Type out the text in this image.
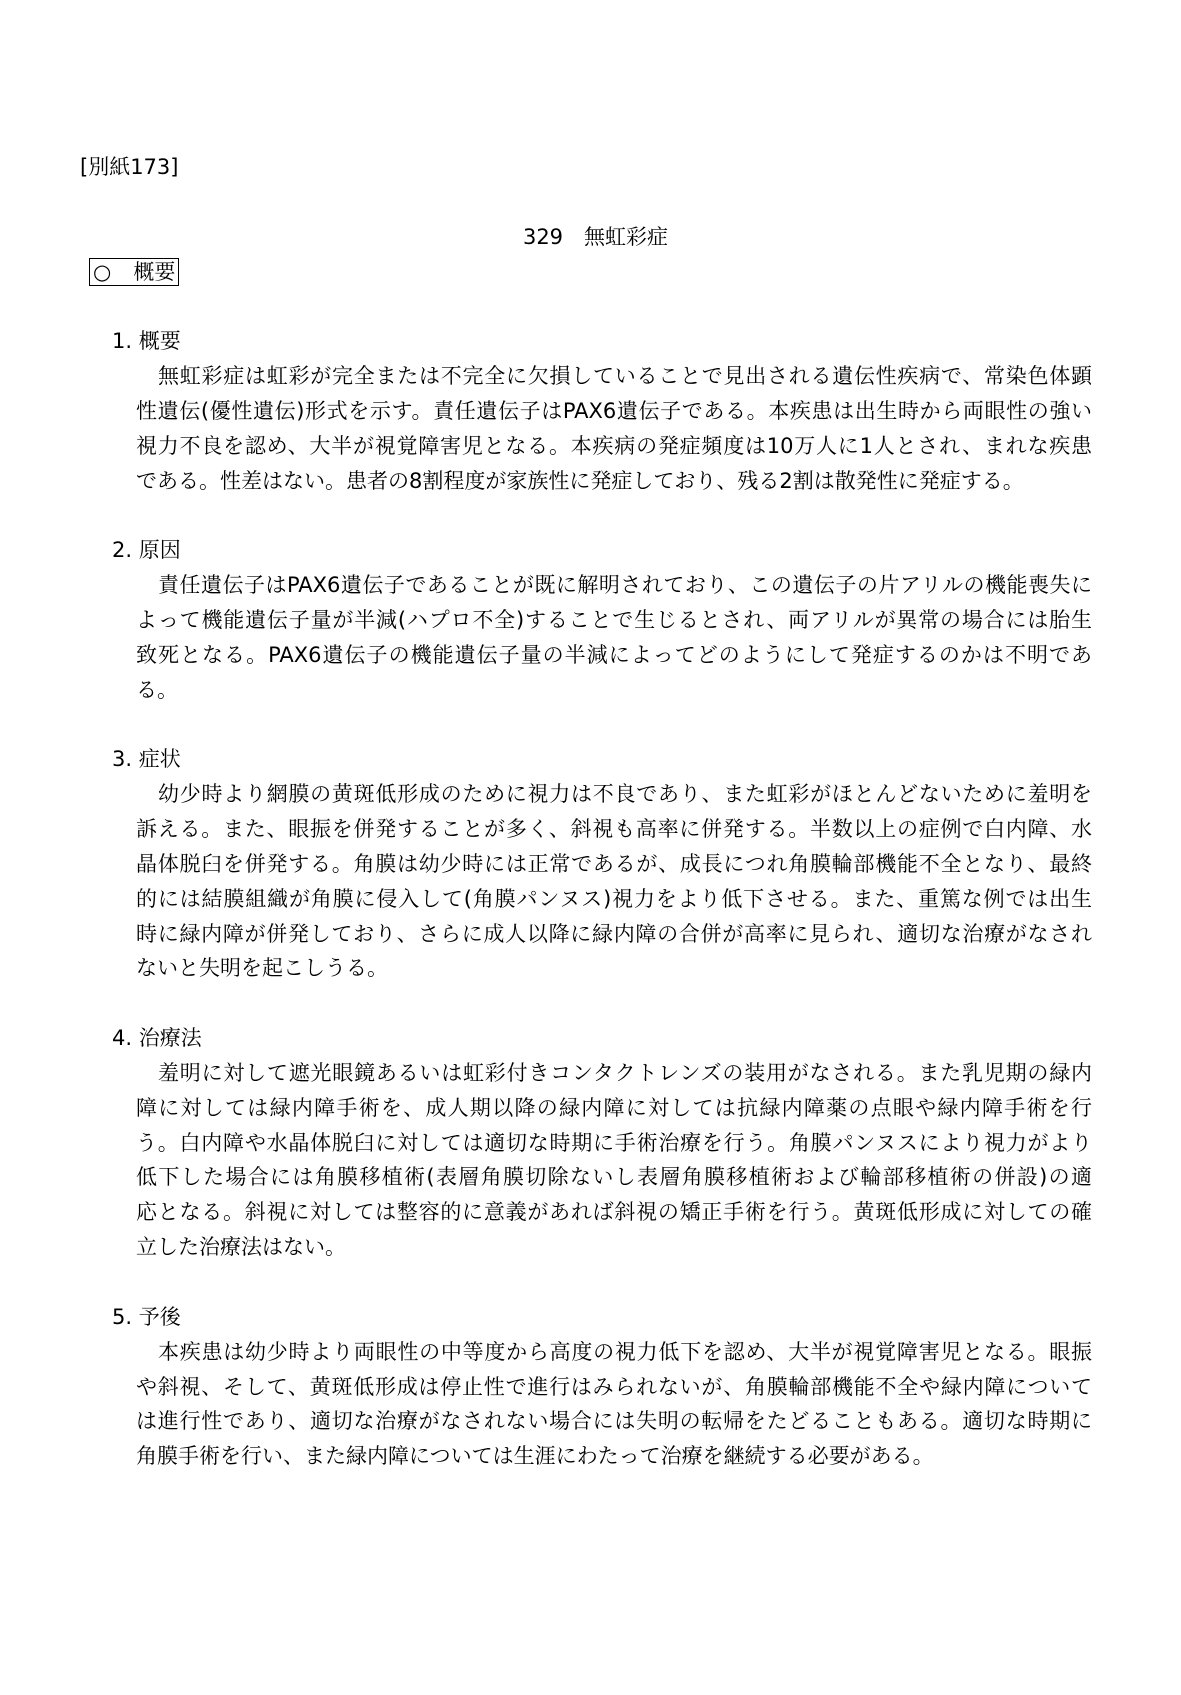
[別紙173]
329　無虹彩症
○ 概要
1. 概要
無虹彩症は虹彩が完全または不完全に欠損していることで見出される遺伝性疾病で、常染色体顕
性遺伝(優性遺伝)形式を示す。責任遺伝子はPAX6遺伝子である。本疾患は出生時から両眼性の強い
視力不良を認め、大半が視覚障害児となる。本疾病の発症頻度は10万人に1人とされ、まれな疾患
である。性差はない。患者の8割程度が家族性に発症しており、残る2割は散発性に発症する。
2. 原因
責任遺伝子はPAX6遺伝子であることが既に解明されており、この遺伝子の片アリルの機能喪失に
よって機能遺伝子量が半減(ハプロ不全)することで生じるとされ、両アリルが異常の場合には胎生
致死となる。PAX6遺伝子の機能遺伝子量の半減によってどのようにして発症するのかは不明であ
る。
3. 症状
幼少時より網膜の黄斑低形成のために視力は不良であり、また虹彩がほとんどないために羞明を
訴える。また、眼振を併発することが多く、斜視も高率に併発する。半数以上の症例で白内障、水
晶体脱臼を併発する。角膜は幼少時には正常であるが、成長につれ角膜輪部機能不全となり、最終
的には結膜組織が角膜に侵入して(角膜パンヌス)視力をより低下させる。また、重篤な例では出生
時に緑内障が併発しており、さらに成人以降に緑内障の合併が高率に見られ、適切な治療がなされ
ないと失明を起こしうる。
4. 治療法
羞明に対して遮光眼鏡あるいは虹彩付きコンタクトレンズの装用がなされる。また乳児期の緑内
障に対しては緑内障手術を、成人期以降の緑内障に対しては抗緑内障薬の点眼や緑内障手術を行
う。白内障や水晶体脱臼に対しては適切な時期に手術治療を行う。角膜パンヌスにより視力がより
低下した場合には角膜移植術(表層角膜切除ないし表層角膜移植術および輪部移植術の併設)の適
応となる。斜視に対しては整容的に意義があれば斜視の矯正手術を行う。黄斑低形成に対しての確
立した治療法はない。
5. 予後
本疾患は幼少時より両眼性の中等度から高度の視力低下を認め、大半が視覚障害児となる。眼振
や斜視、そして、黄斑低形成は停止性で進行はみられないが、角膜輪部機能不全や緑内障について
は進行性であり、適切な治療がなされない場合には失明の転帰をたどることもある。適切な時期に
角膜手術を行い、また緑内障については生涯にわたって治療を継続する必要がある。
